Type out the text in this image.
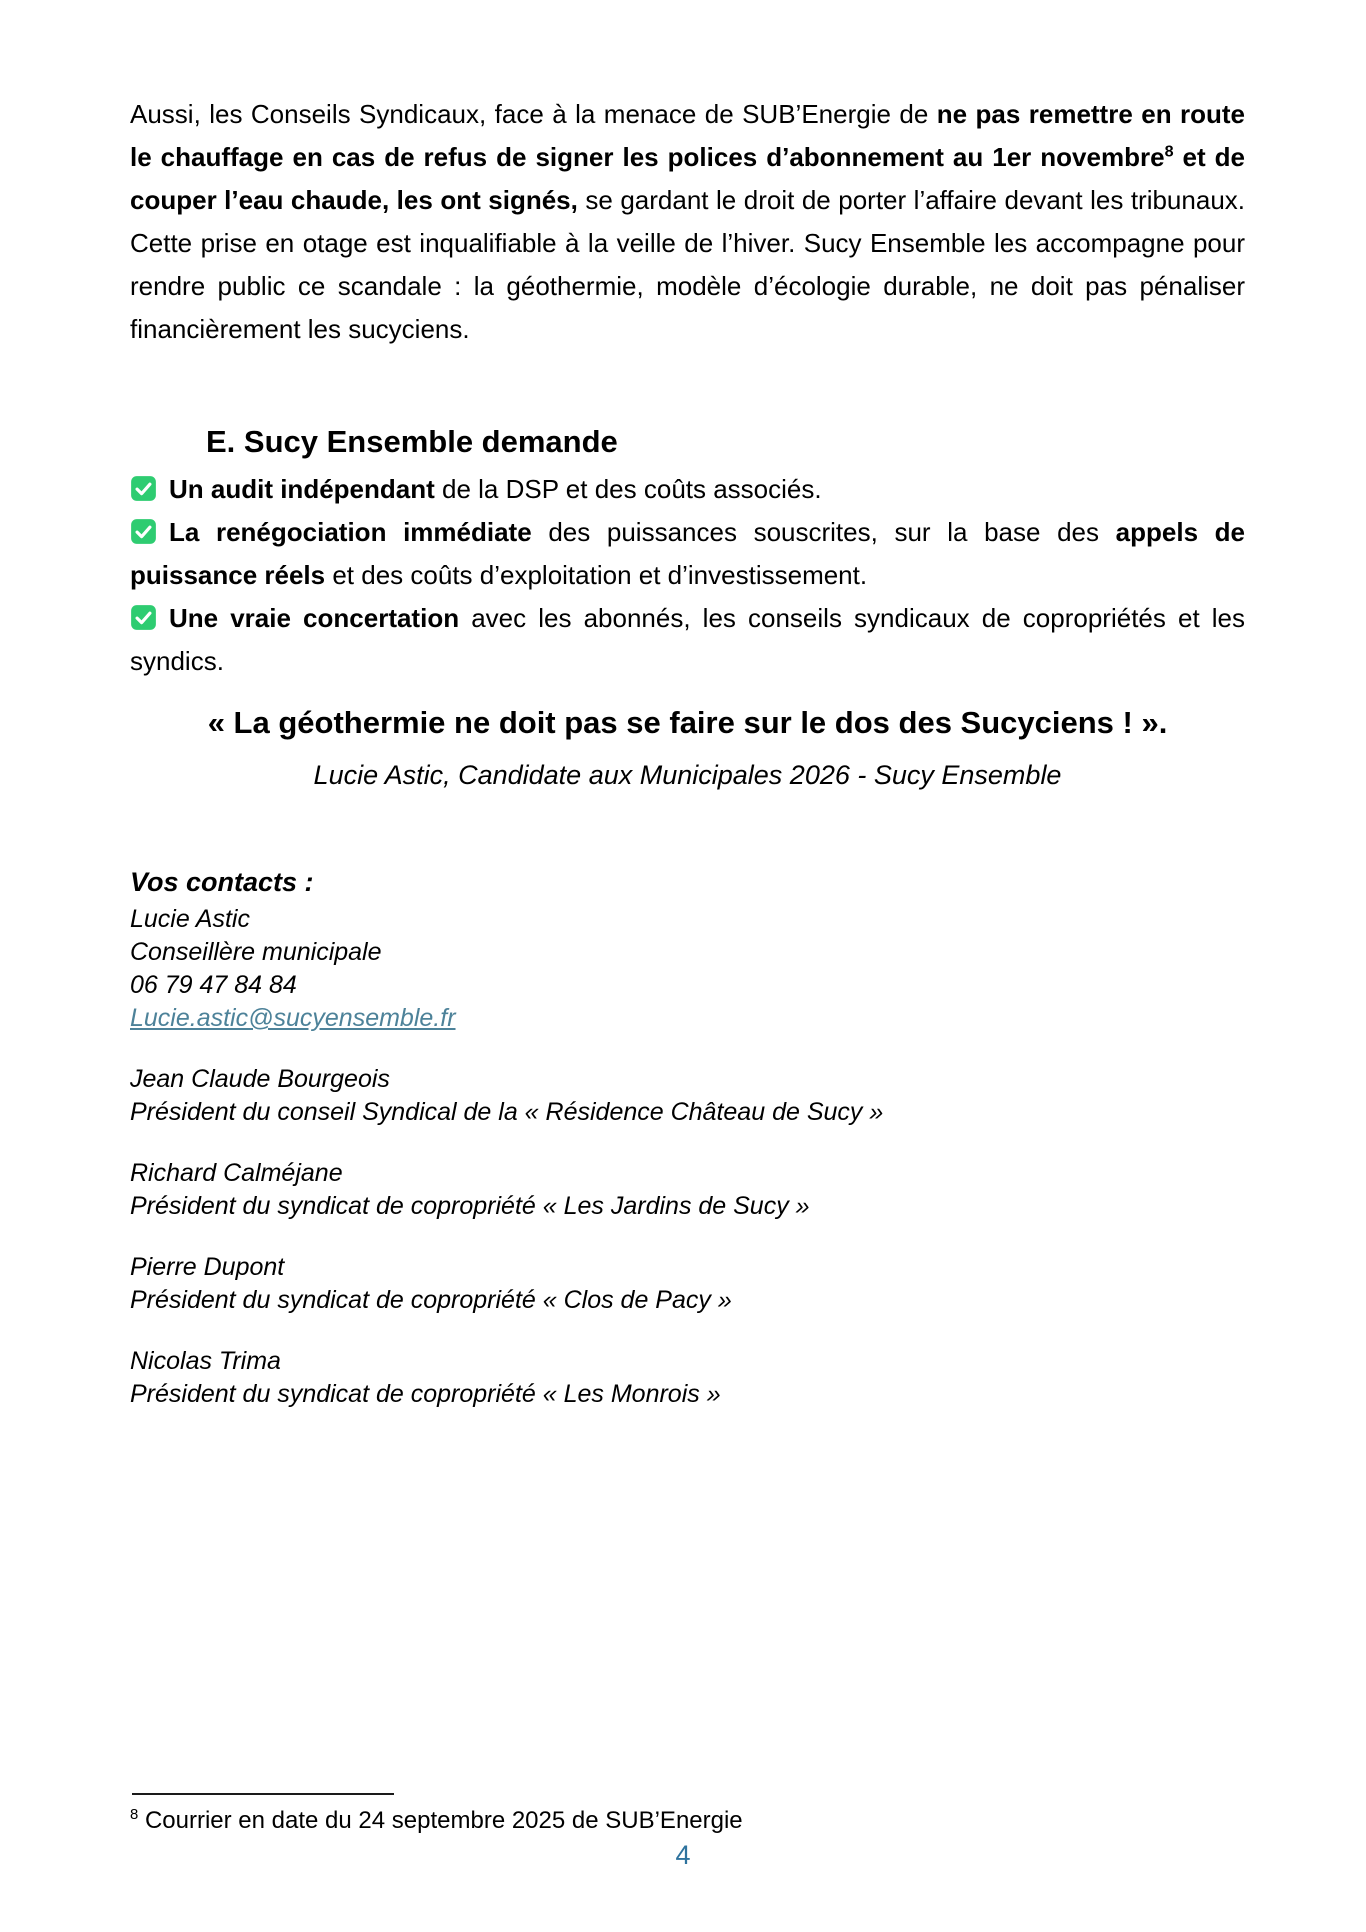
Aussi, les Conseils Syndicaux, face à la menace de SUB’Energie de ne pas remettre en route le chauffage en cas de refus de signer les polices d’abonnement au 1er novembre$^8$ et de couper l’eau chaude, les ont signés, se gardant le droit de porter l’affaire devant les tribunaux. Cette prise en otage est inqualifiable à la veille de l’hiver. Sucy Ensemble les accompagne pour rendre public ce scandale : la géothermie, modèle d’écologie durable, ne doit pas pénaliser financièrement les sucyciens.

E. Sucy Ensemble demande

Un audit indépendant de la DSP et des coûts associés.

La renégociation immédiate des puissances souscrites, sur la base des appels de puissance réels et des coûts d’exploitation et d’investissement.

Une vraie concertation avec les abonnés, les conseils syndicaux de copropriétés et les syndics.

« La géothermie ne doit pas se faire sur le dos des Sucyciens ! ».

Lucie Astic, Candidate aux Municipales 2026 - Sucy Ensemble

Vos contacts :

Lucie Astic

Conseillère municipale

06 79 47 84 84

Lucie.astic@sucyensemble.fr

Jean Claude Bourgeois

Président du conseil Syndical de la « Résidence Château de Sucy »

Richard Calméjane

Président du syndicat de copropriété « Les Jardins de Sucy »

Pierre Dupont

Président du syndicat de copropriété « Clos de Pacy »

Nicolas Trima

Président du syndicat de copropriété « Les Monrois »

$^8$ Courrier en date du 24 septembre 2025 de SUB’Energie

4
